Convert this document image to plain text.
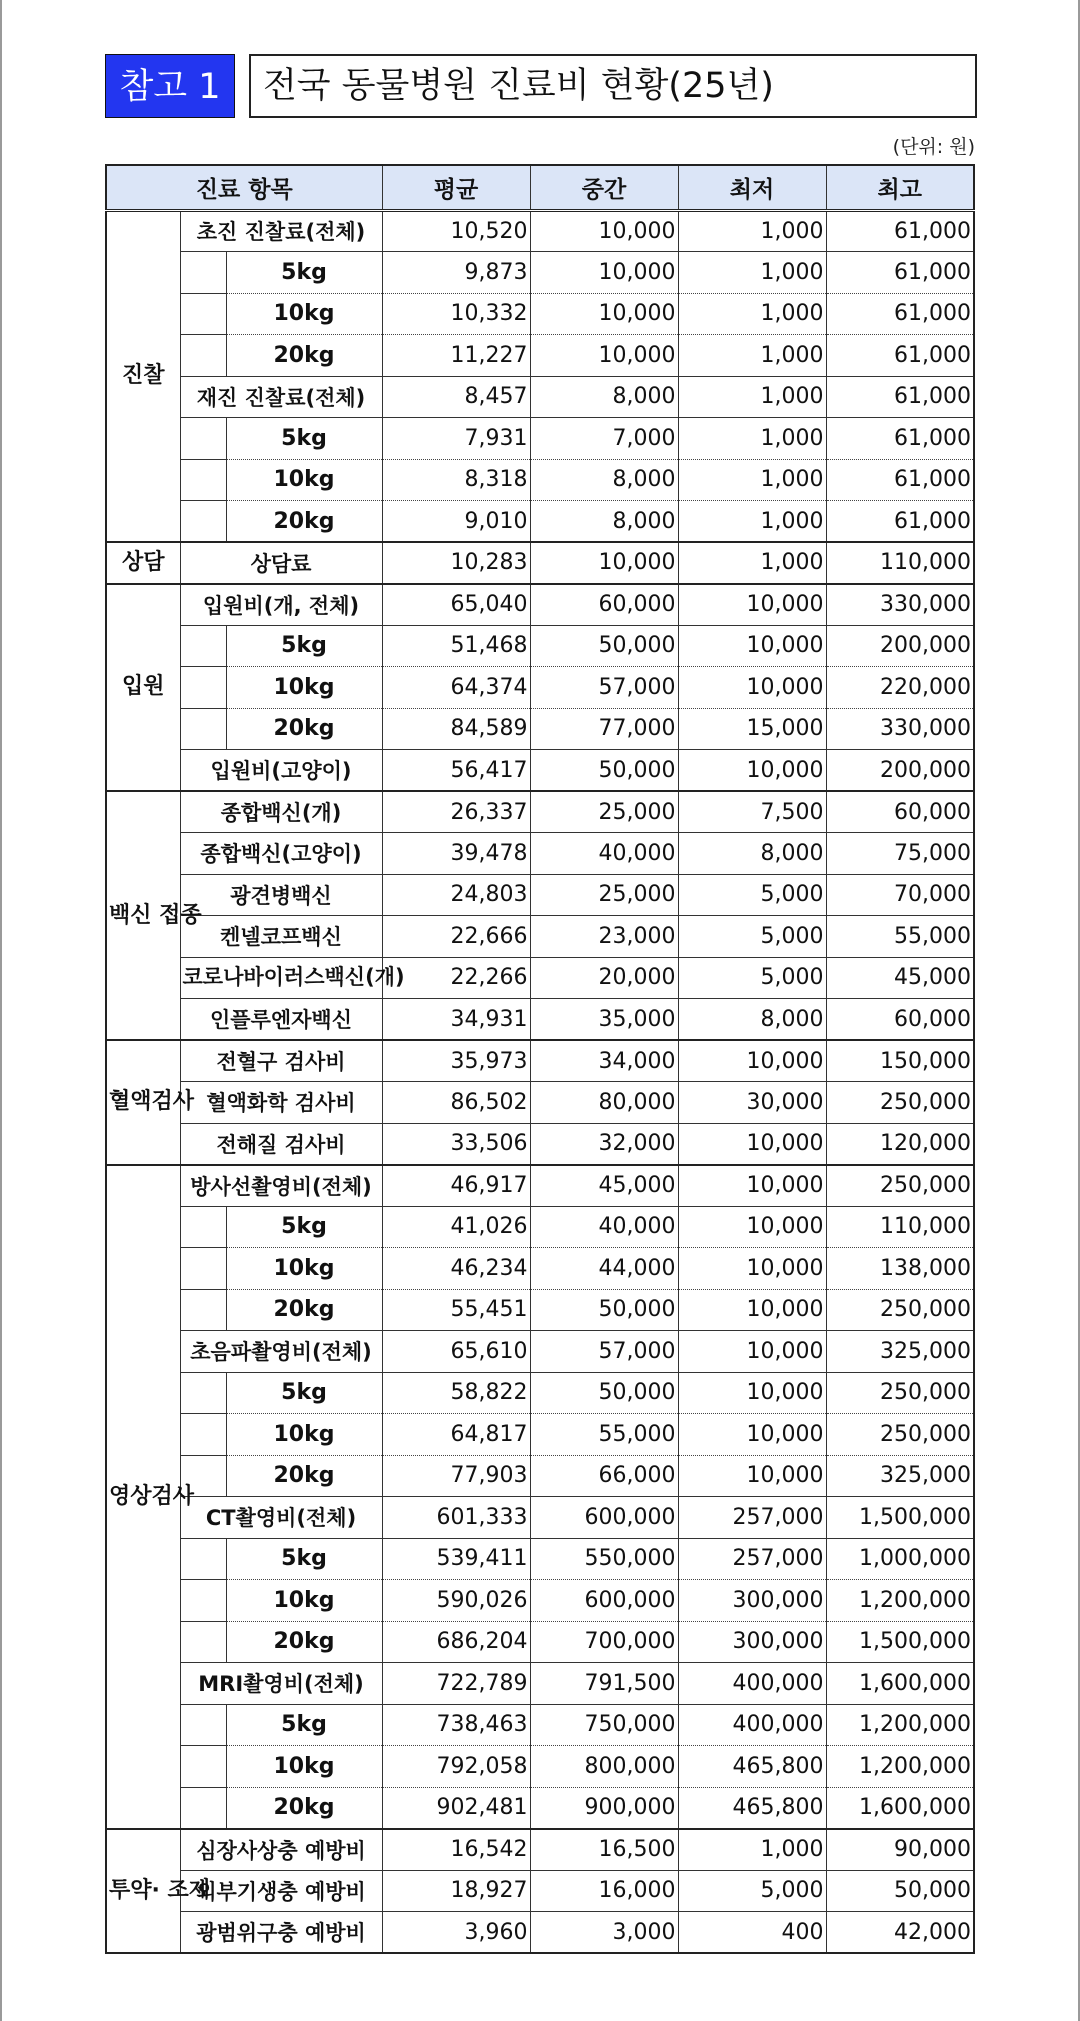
참고 1	전국 동물병원 진료비 현황(25년)
(단위: 원)
진료 항목			평균	중간	최저	최고
진찰	초진 진찰료(전체)		10,520	10,000	1,000	61,000
		5kg	9,873	10,000	1,000	61,000
		10kg	10,332	10,000	1,000	61,000
		20kg	11,227	10,000	1,000	61,000
	재진 진찰료(전체)		8,457	8,000	1,000	61,000
		5kg	7,931	7,000	1,000	61,000
		10kg	8,318	8,000	1,000	61,000
		20kg	9,010	8,000	1,000	61,000
상담	상담료		10,283	10,000	1,000	110,000
입원	입원비(개, 전체)		65,040	60,000	10,000	330,000
		5kg	51,468	50,000	10,000	200,000
		10kg	64,374	57,000	10,000	220,000
		20kg	84,589	77,000	15,000	330,000
	입원비(고양이)		56,417	50,000	10,000	200,000
백신 접종	종합백신(개)		26,337	25,000	7,500	60,000
	종합백신(고양이)		39,478	40,000	8,000	75,000
	광견병백신		24,803	25,000	5,000	70,000
	켄넬코프백신		22,666	23,000	5,000	55,000
	코로나바이러스백신(개)		22,266	20,000	5,000	45,000
	인플루엔자백신		34,931	35,000	8,000	60,000
혈액검사	전혈구 검사비		35,973	34,000	10,000	150,000
	혈액화학 검사비		86,502	80,000	30,000	250,000
	전해질 검사비		33,506	32,000	10,000	120,000
영상검사	방사선촬영비(전체)		46,917	45,000	10,000	250,000
		5kg	41,026	40,000	10,000	110,000
		10kg	46,234	44,000	10,000	138,000
		20kg	55,451	50,000	10,000	250,000
	초음파촬영비(전체)		65,610	57,000	10,000	325,000
		5kg	58,822	50,000	10,000	250,000
		10kg	64,817	55,000	10,000	250,000
		20kg	77,903	66,000	10,000	325,000
	CT촬영비(전체)		601,333	600,000	257,000	1,500,000
		5kg	539,411	550,000	257,000	1,000,000
		10kg	590,026	600,000	300,000	1,200,000
		20kg	686,204	700,000	300,000	1,500,000
	MRI촬영비(전체)		722,789	791,500	400,000	1,600,000
		5kg	738,463	750,000	400,000	1,200,000
		10kg	792,058	800,000	465,800	1,200,000
		20kg	902,481	900,000	465,800	1,600,000
투약· 조제	심장사상충 예방비		16,542	16,500	1,000	90,000
	외부기생충 예방비		18,927	16,000	5,000	50,000
	광범위구충 예방비		3,960	3,000	400	42,000
